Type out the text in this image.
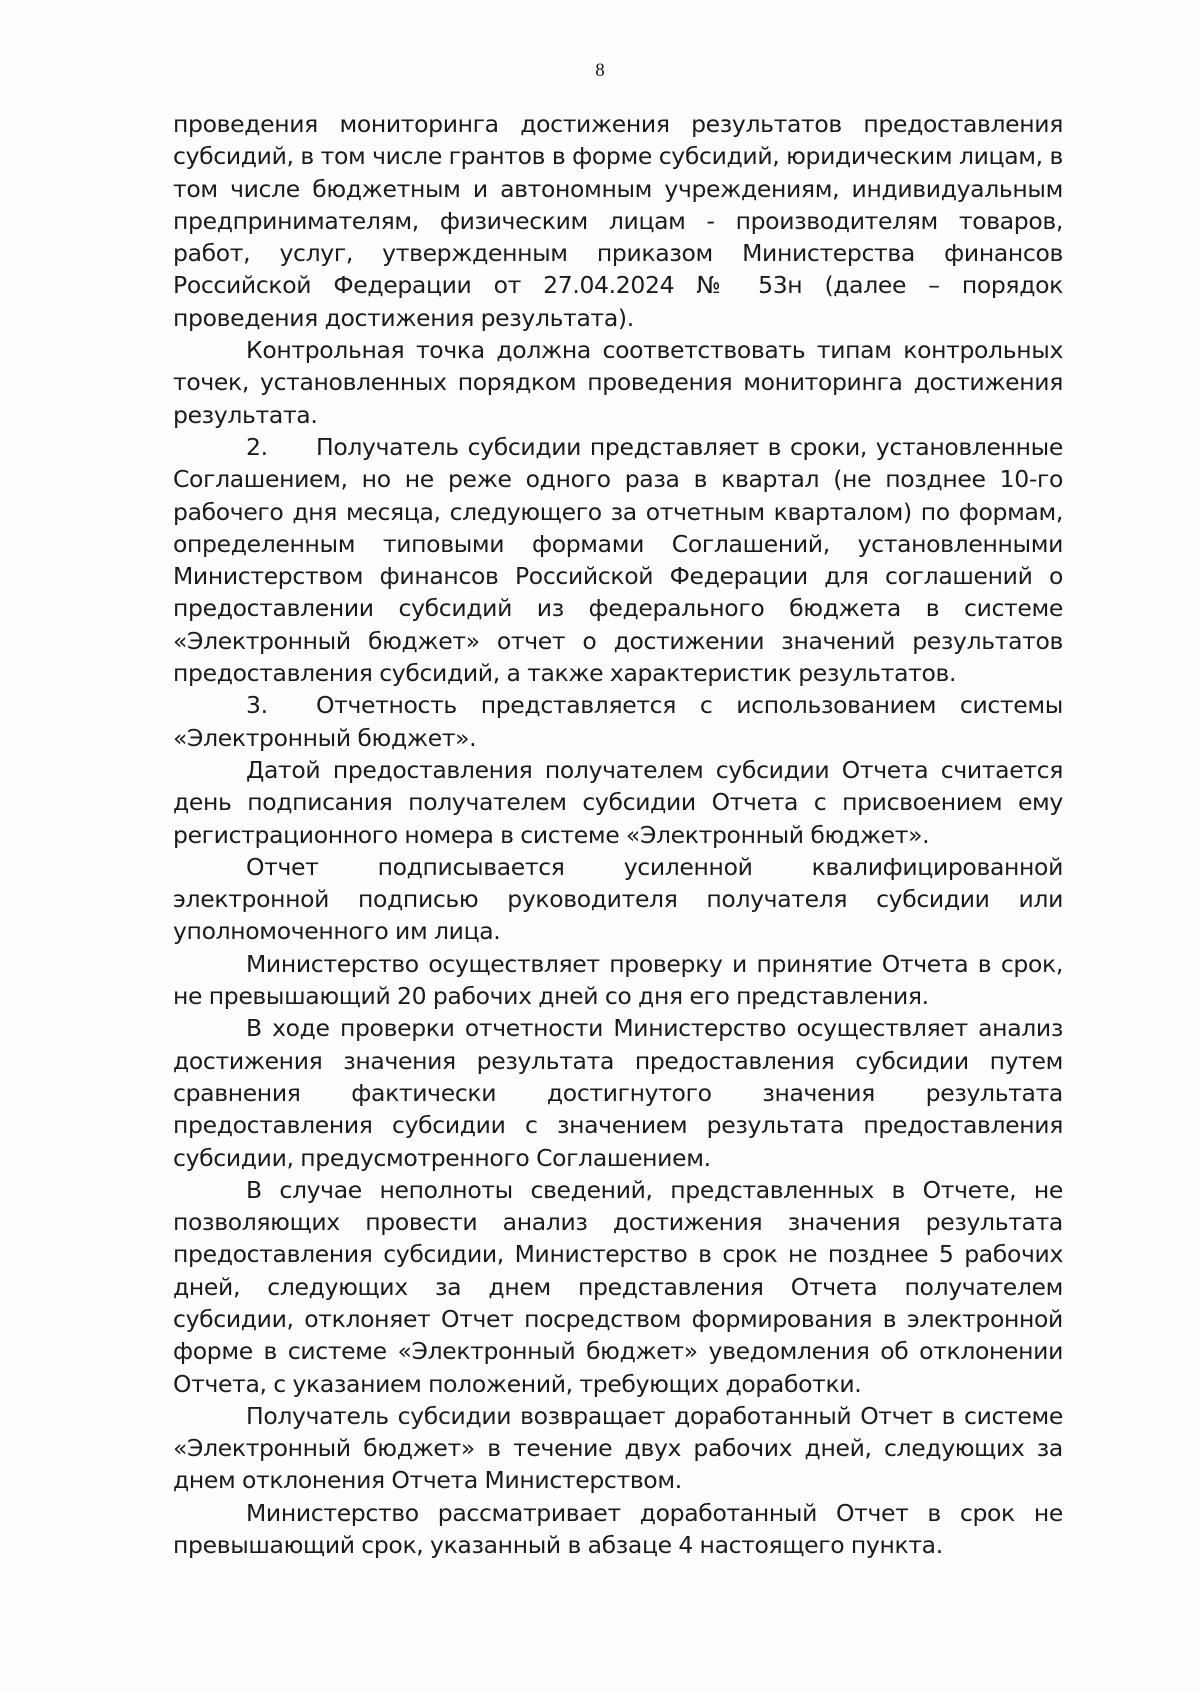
8

проведения мониторинга достижения результатов предоставления субсидий, в том числе грантов в форме субсидий, юридическим лицам, в том числе бюджетным и автономным учреждениям, индивидуальным предпринимателям, физическим лицам - производителям товаров, работ, услуг, утвержденным приказом Министерства финансов Российской Федерации от 27.04.2024 № 53н (далее – порядок проведения достижения результата).

Контрольная точка должна соответствовать типам контрольных точек, установленных порядком проведения мониторинга достижения результата.

2. Получатель субсидии представляет в сроки, установленные Соглашением, но не реже одного раза в квартал (не позднее 10-го рабочего дня месяца, следующего за отчетным кварталом) по формам, определенным типовыми формами Соглашений, установленными Министерством финансов Российской Федерации для соглашений о предоставлении субсидий из федерального бюджета в системе «Электронный бюджет» отчет о достижении значений результатов предоставления субсидий, а также характеристик результатов.

3. Отчетность представляется с использованием системы «Электронный бюджет».

Датой предоставления получателем субсидии Отчета считается день подписания получателем субсидии Отчета с присвоением ему регистрационного номера в системе «Электронный бюджет».

Отчет подписывается усиленной квалифицированной электронной подписью руководителя получателя субсидии или уполномоченного им лица.

Министерство осуществляет проверку и принятие Отчета в срок, не превышающий 20 рабочих дней со дня его представления.

В ходе проверки отчетности Министерство осуществляет анализ достижения значения результата предоставления субсидии путем сравнения фактически достигнутого значения результата предоставления субсидии с значением результата предоставления субсидии, предусмотренного Соглашением.

В случае неполноты сведений, представленных в Отчете, не позволяющих провести анализ достижения значения результата предоставления субсидии, Министерство в срок не позднее 5 рабочих дней, следующих за днем представления Отчета получателем субсидии, отклоняет Отчет посредством формирования в электронной форме в системе «Электронный бюджет» уведомления об отклонении Отчета, с указанием положений, требующих доработки.

Получатель субсидии возвращает доработанный Отчет в системе «Электронный бюджет» в течение двух рабочих дней, следующих за днем отклонения Отчета Министерством.

Министерство рассматривает доработанный Отчет в срок не превышающий срок, указанный в абзаце 4 настоящего пункта.
